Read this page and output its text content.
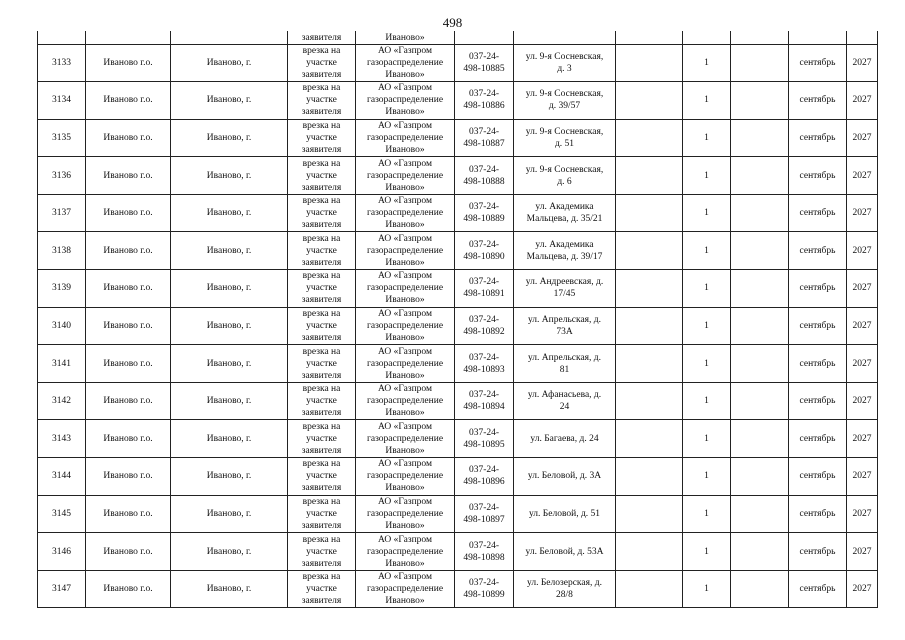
498
			заявителя	Иваново»							
3133	Иваново г.о.	Иваново, г.	врезка на
участке
заявителя	АО «Газпром
газораспределение
Иваново»	037-24-
498-10885	ул. 9-я Сосневская,
д. 3		1		сентябрь	2027
3134	Иваново г.о.	Иваново, г.	врезка на
участке
заявителя	АО «Газпром
газораспределение
Иваново»	037-24-
498-10886	ул. 9-я Сосневская,
д. 39/57		1		сентябрь	2027
3135	Иваново г.о.	Иваново, г.	врезка на
участке
заявителя	АО «Газпром
газораспределение
Иваново»	037-24-
498-10887	ул. 9-я Сосневская,
д. 51		1		сентябрь	2027
3136	Иваново г.о.	Иваново, г.	врезка на
участке
заявителя	АО «Газпром
газораспределение
Иваново»	037-24-
498-10888	ул. 9-я Сосневская,
д. 6		1		сентябрь	2027
3137	Иваново г.о.	Иваново, г.	врезка на
участке
заявителя	АО «Газпром
газораспределение
Иваново»	037-24-
498-10889	ул. Академика
Мальцева, д. 35/21		1		сентябрь	2027
3138	Иваново г.о.	Иваново, г.	врезка на
участке
заявителя	АО «Газпром
газораспределение
Иваново»	037-24-
498-10890	ул. Академика
Мальцева, д. 39/17		1		сентябрь	2027
3139	Иваново г.о.	Иваново, г.	врезка на
участке
заявителя	АО «Газпром
газораспределение
Иваново»	037-24-
498-10891	ул. Андреевская, д.
17/45		1		сентябрь	2027
3140	Иваново г.о.	Иваново, г.	врезка на
участке
заявителя	АО «Газпром
газораспределение
Иваново»	037-24-
498-10892	ул. Апрельская, д.
73А		1		сентябрь	2027
3141	Иваново г.о.	Иваново, г.	врезка на
участке
заявителя	АО «Газпром
газораспределение
Иваново»	037-24-
498-10893	ул. Апрельская, д.
81		1		сентябрь	2027
3142	Иваново г.о.	Иваново, г.	врезка на
участке
заявителя	АО «Газпром
газораспределение
Иваново»	037-24-
498-10894	ул. Афанасьева, д.
24		1		сентябрь	2027
3143	Иваново г.о.	Иваново, г.	врезка на
участке
заявителя	АО «Газпром
газораспределение
Иваново»	037-24-
498-10895	ул. Багаева, д. 24		1		сентябрь	2027
3144	Иваново г.о.	Иваново, г.	врезка на
участке
заявителя	АО «Газпром
газораспределение
Иваново»	037-24-
498-10896	ул. Беловой, д. 3А		1		сентябрь	2027
3145	Иваново г.о.	Иваново, г.	врезка на
участке
заявителя	АО «Газпром
газораспределение
Иваново»	037-24-
498-10897	ул. Беловой, д. 51		1		сентябрь	2027
3146	Иваново г.о.	Иваново, г.	врезка на
участке
заявителя	АО «Газпром
газораспределение
Иваново»	037-24-
498-10898	ул. Беловой, д. 53А		1		сентябрь	2027
3147	Иваново г.о.	Иваново, г.	врезка на
участке
заявителя	АО «Газпром
газораспределение
Иваново»	037-24-
498-10899	ул. Белозерская, д.
28/8		1		сентябрь	2027
